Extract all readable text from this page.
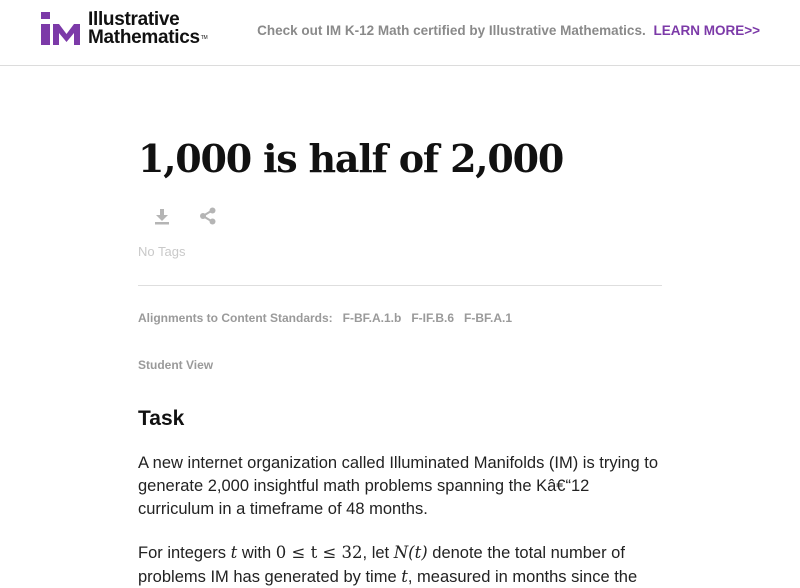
Illustrative
Mathematics™	Check out IM K-12 Math certified by Illustrative Mathematics. LEARN MORE>>
1,000 is half of 2,000
No Tags
Alignments to Content Standards: F-BF.A.1.b F-IF.B.6 F-BF.A.1
Student View
Task

A new internet organization called Illuminated Manifolds (IM) is trying to generate 2,000 insightful math problems spanning the Kâ€“12 curriculum in a timeframe of 48 months.

For integers t with 0 ≤ t ≤ 32, let N(t) denote the total number of problems IM has generated by time t, measured in months since the
